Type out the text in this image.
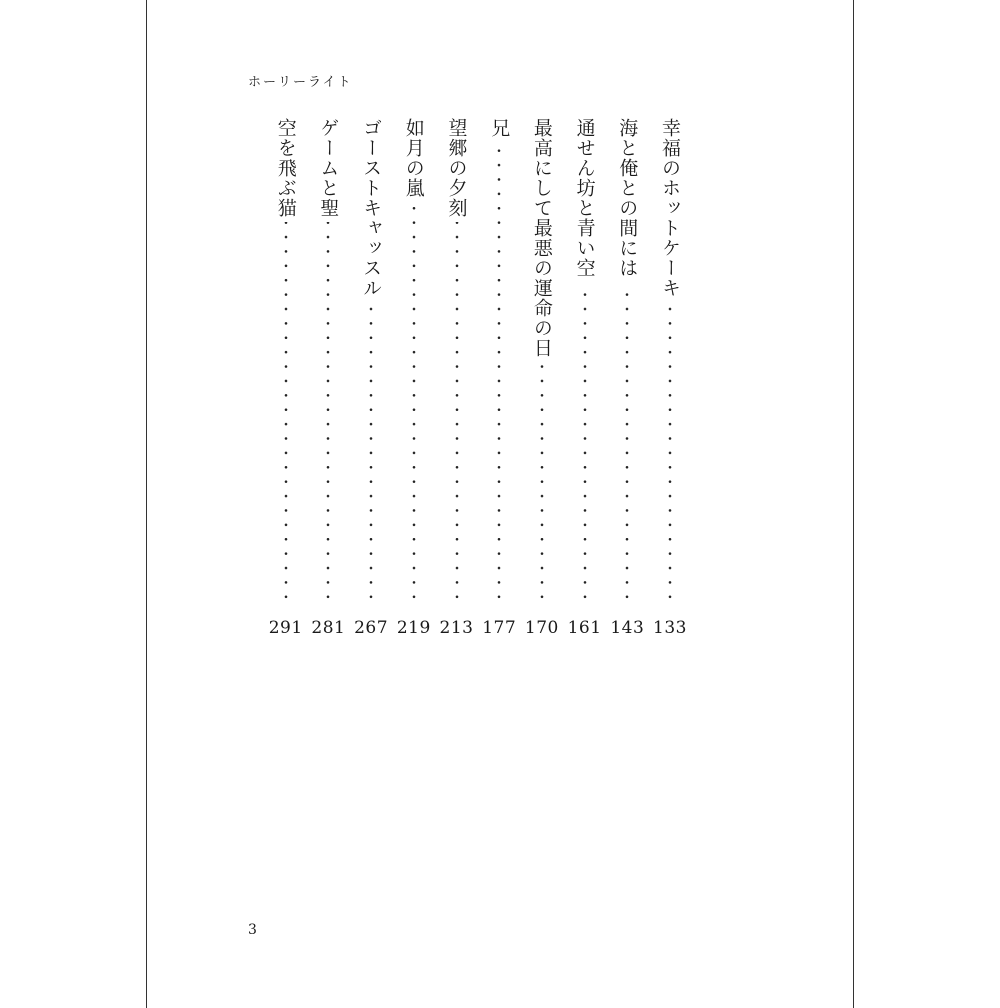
ホーリーライト
幸福のホットケーキ
133
海と俺との間には
143
通せん坊と青い空
161
最高にして最悪の運命の日
170
兄
177
望郷の夕刻
213
如月の嵐
219
ゴーストキャッスル
267
ゲームと聖
281
空を飛ぶ猫
291
3
